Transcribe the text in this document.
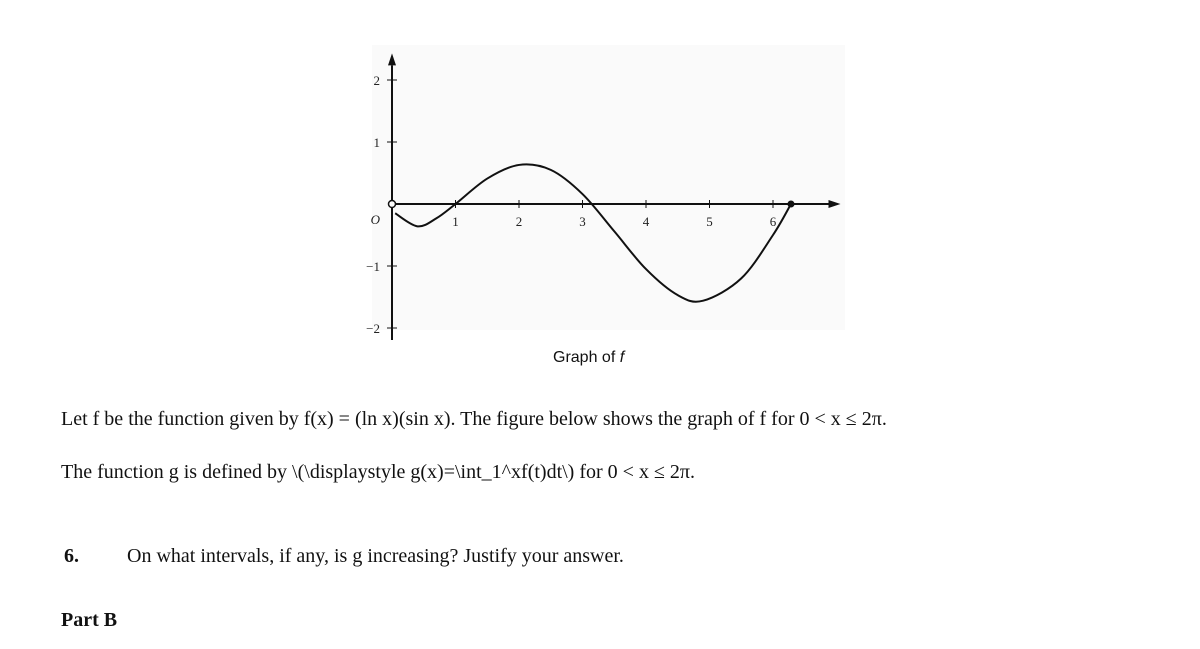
1	2	3	4	5	6
2
1
O
−1
−2
Graph of f
Let f be the function given by f(x) = (ln x)(sin x). The figure below shows the graph of f for 0 < x ≤ 2π.
The function g is defined by \(\displaystyle g(x)=\int_1^xf(t)dt\) for 0 < x ≤ 2π.
6. On what intervals, if any, is g increasing? Justify your answer.
Part B
